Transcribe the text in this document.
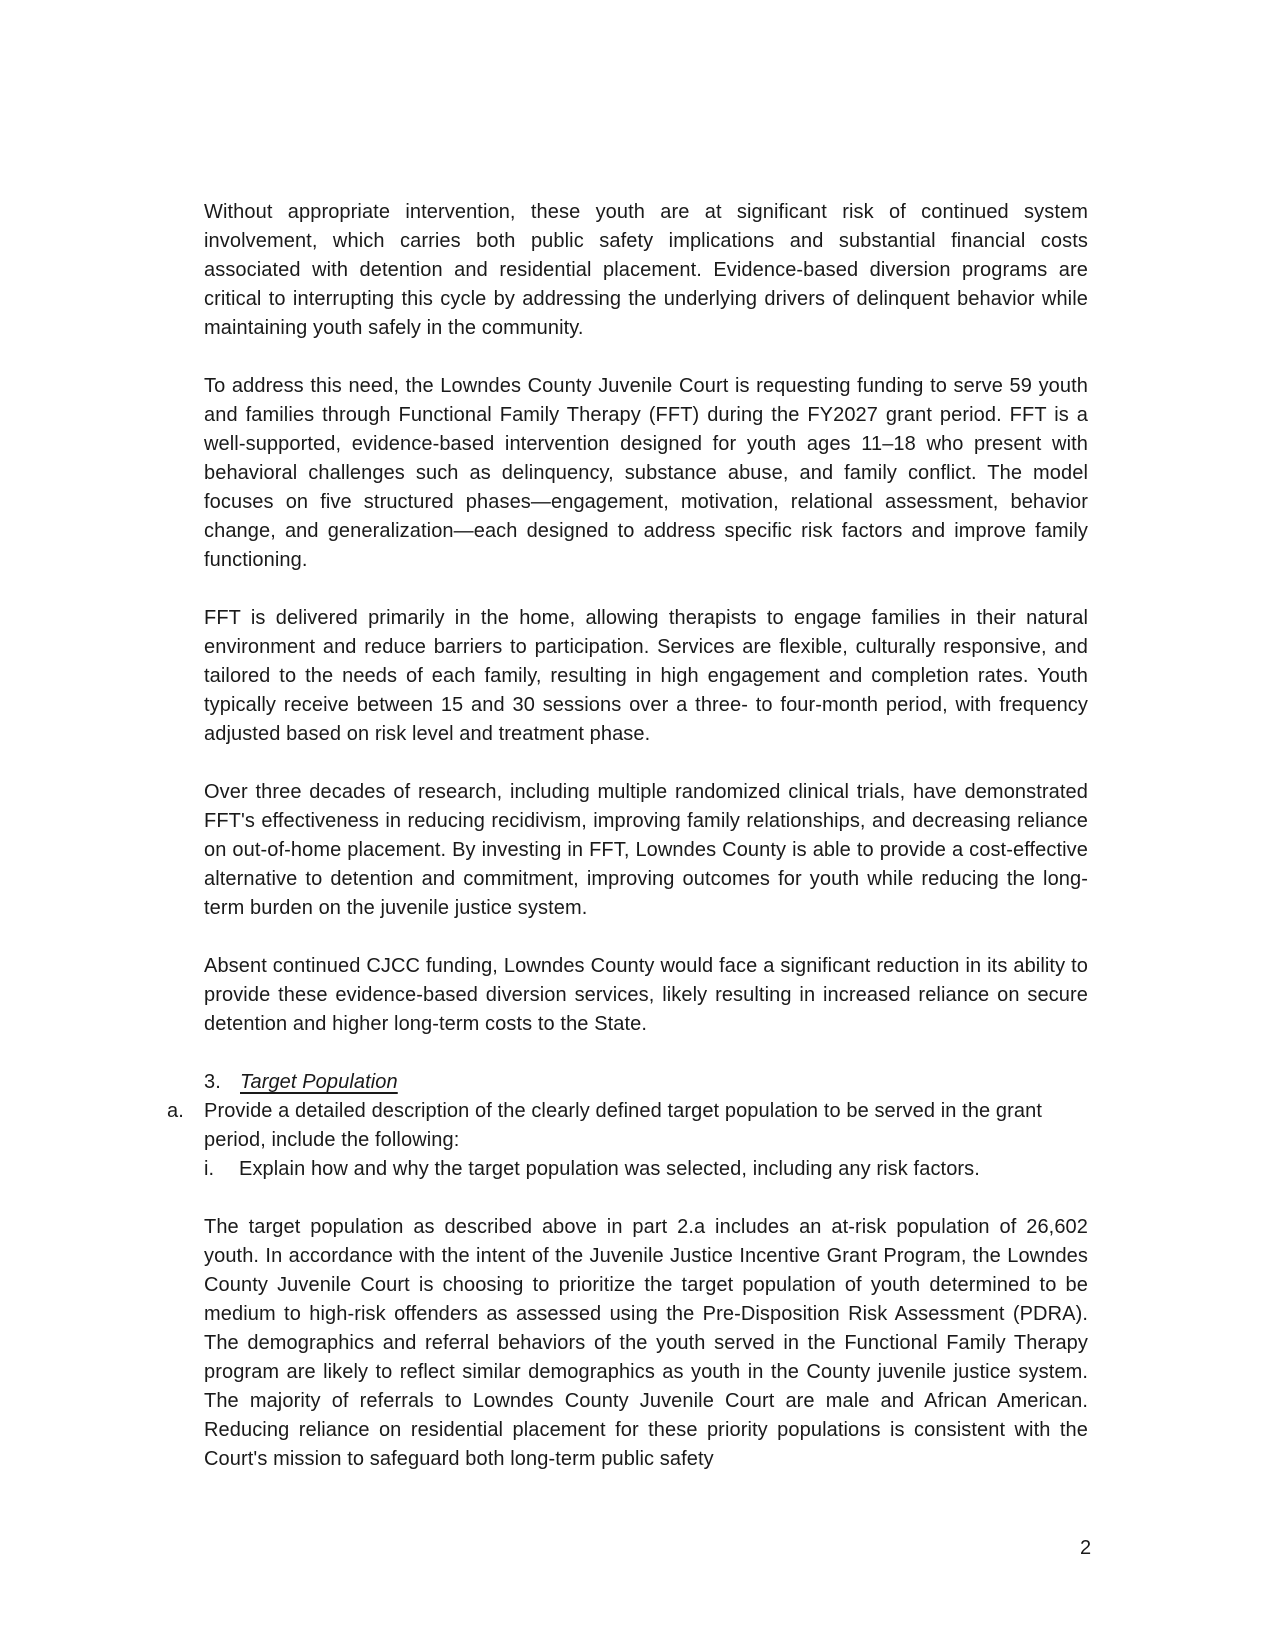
Without appropriate intervention, these youth are at significant risk of continued system involvement, which carries both public safety implications and substantial financial costs associated with detention and residential placement. Evidence-based diversion programs are critical to interrupting this cycle by addressing the underlying drivers of delinquent behavior while maintaining youth safely in the community.

To address this need, the Lowndes County Juvenile Court is requesting funding to serve 59 youth and families through Functional Family Therapy (FFT) during the FY2027 grant period. FFT is a well-supported, evidence-based intervention designed for youth ages 11–18 who present with behavioral challenges such as delinquency, substance abuse, and family conflict. The model focuses on five structured phases—engagement, motivation, relational assessment, behavior change, and generalization—each designed to address specific risk factors and improve family functioning.

FFT is delivered primarily in the home, allowing therapists to engage families in their natural environment and reduce barriers to participation. Services are flexible, culturally responsive, and tailored to the needs of each family, resulting in high engagement and completion rates. Youth typically receive between 15 and 30 sessions over a three- to four-month period, with frequency adjusted based on risk level and treatment phase.

Over three decades of research, including multiple randomized clinical trials, have demonstrated FFT's effectiveness in reducing recidivism, improving family relationships, and decreasing reliance on out-of-home placement. By investing in FFT, Lowndes County is able to provide a cost-effective alternative to detention and commitment, improving outcomes for youth while reducing the long-term burden on the juvenile justice system.

Absent continued CJCC funding, Lowndes County would face a significant reduction in its ability to provide these evidence-based diversion services, likely resulting in increased reliance on secure detention and higher long-term costs to the State.

3. Target Population
a.	Provide a detailed description of the clearly defined target population to be served in the grant period, include the following:
i.	Explain how and why the target population was selected, including any risk factors.

The target population as described above in part 2.a includes an at-risk population of 26,602 youth. In accordance with the intent of the Juvenile Justice Incentive Grant Program, the Lowndes County Juvenile Court is choosing to prioritize the target population of youth determined to be medium to high-risk offenders as assessed using the Pre-Disposition Risk Assessment (PDRA). The demographics and referral behaviors of the youth served in the Functional Family Therapy program are likely to reflect similar demographics as youth in the County juvenile justice system. The majority of referrals to Lowndes County Juvenile Court are male and African American. Reducing reliance on residential placement for these priority populations is consistent with the Court's mission to safeguard both long-term public safety

2
